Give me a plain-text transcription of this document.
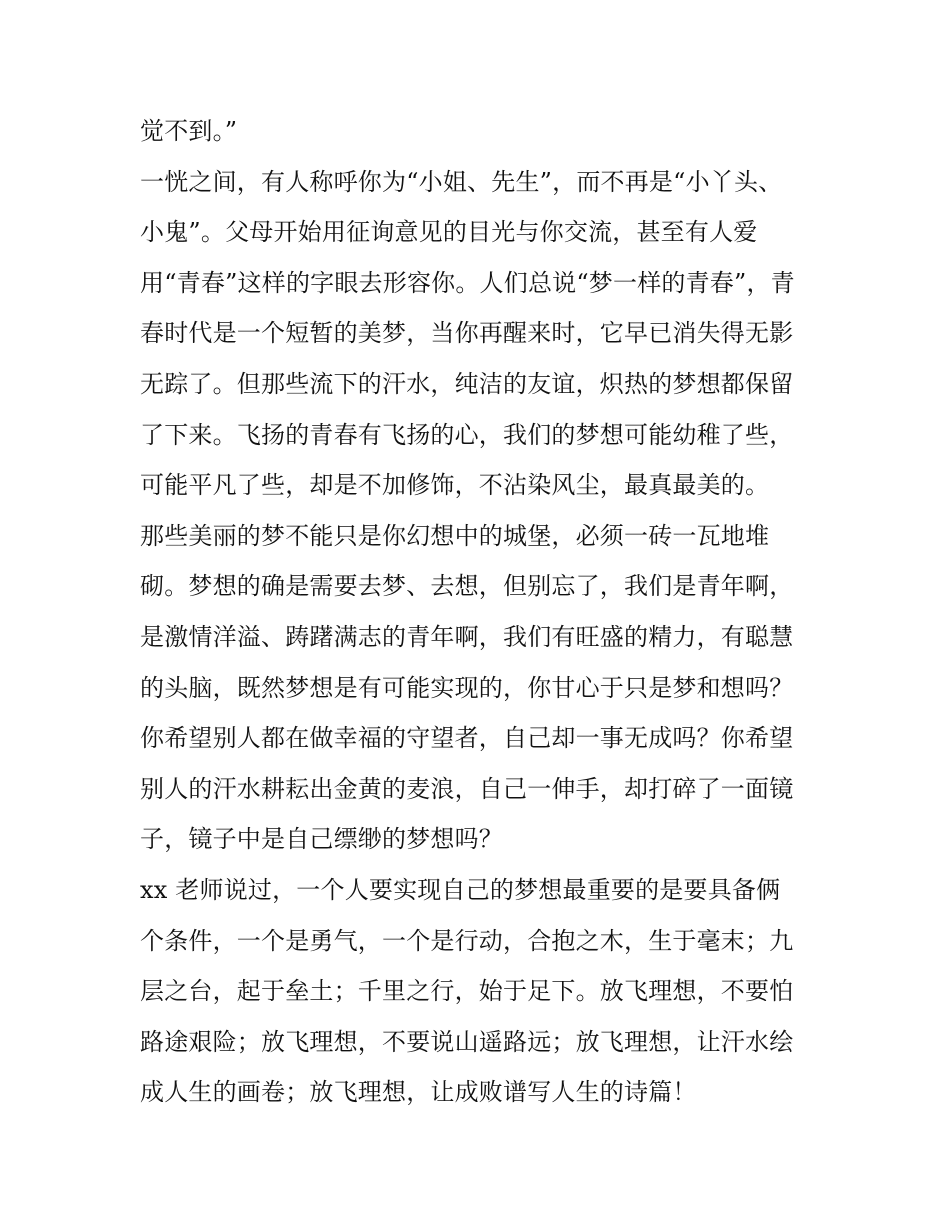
觉不到。”
一恍之间，有人称呼你为“小姐、先生”，而不再是“小丫头、
小鬼”。父母开始用征询意见的目光与你交流，甚至有人爱
用“青春”这样的字眼去形容你。人们总说“梦一样的青春”，青
春时代是一个短暂的美梦，当你再醒来时，它早已消失得无影
无踪了。但那些流下的汗水，纯洁的友谊，炽热的梦想都保留
了下来。飞扬的青春有飞扬的心，我们的梦想可能幼稚了些，
可能平凡了些，却是不加修饰，不沾染风尘，最真最美的。
那些美丽的梦不能只是你幻想中的城堡，必须一砖一瓦地堆
砌。梦想的确是需要去梦、去想，但别忘了，我们是青年啊，
是激情洋溢、踌躇满志的青年啊，我们有旺盛的精力，有聪慧
的头脑，既然梦想是有可能实现的，你甘心于只是梦和想吗？
你希望别人都在做幸福的守望者，自己却一事无成吗？你希望
别人的汗水耕耘出金黄的麦浪，自己一伸手，却打碎了一面镜
子，镜子中是自己缥缈的梦想吗？
xx 老师说过，一个人要实现自己的梦想最重要的是要具备俩
个条件，一个是勇气，一个是行动，合抱之木，生于毫末；九
层之台，起于垒土；千里之行，始于足下。放飞理想，不要怕
路途艰险；放飞理想，不要说山遥路远；放飞理想，让汗水绘
成人生的画卷；放飞理想，让成败谱写人生的诗篇！
